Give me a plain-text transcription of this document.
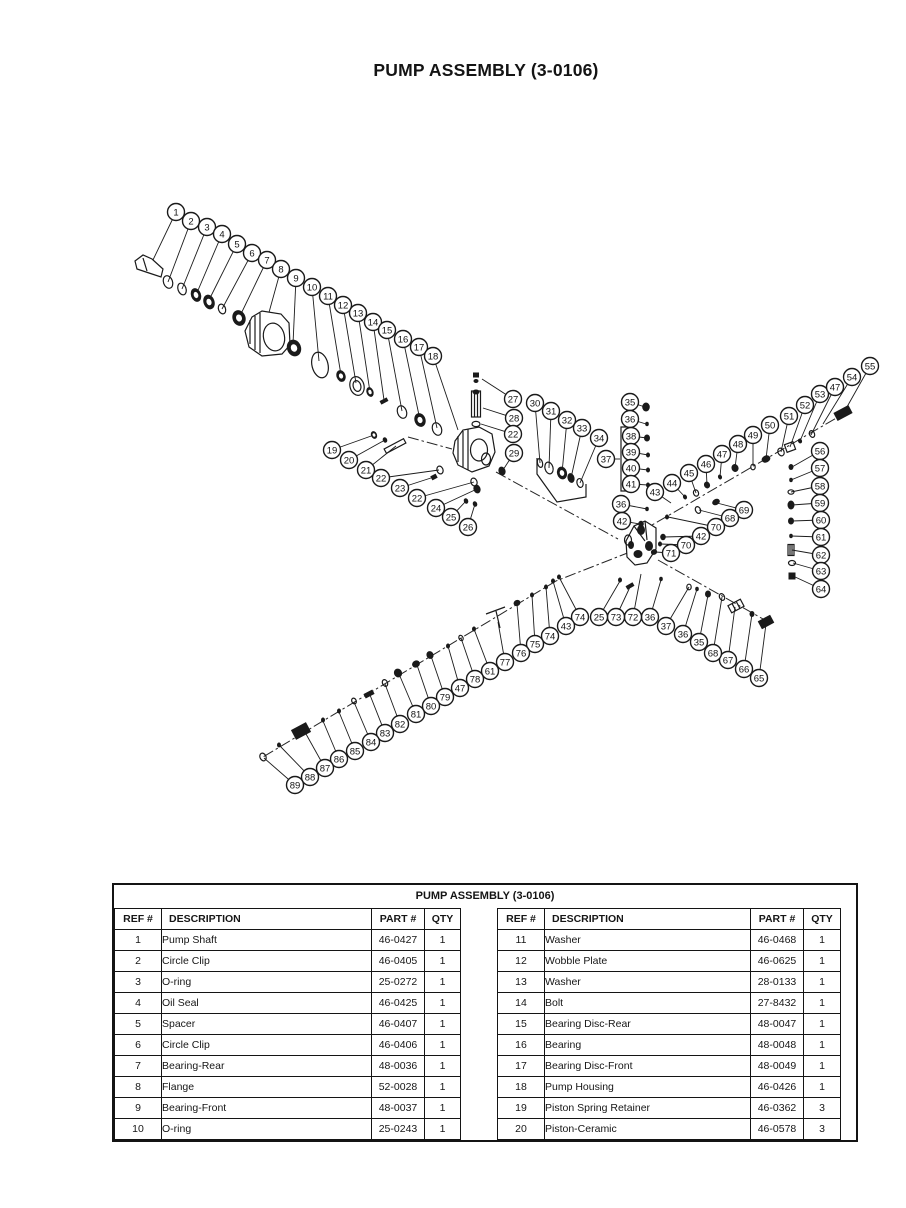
PUMP ASSEMBLY (3-0106)
1
2
3
4
5
6
7
8
9
10
11
12
13
14
15
16
17
18
19
20
21
22
23
22
24
25
26
27
28
22
29
30
31
32
33
34
37
35
36
38
39
40
41
43
36
42
44
45
46
47
48
49
50
51
52
53
47
54
55
56
57
58
59
60
61
62
63
64
69
68
70
42
70
71
65
66
67
68
35
36
37
36
72
73
25
74
43
74
75
76
77
61
78
47
79
80
81
82
83
84
85
86
87
88
89
PUMP ASSEMBLY (3-0106)
REF #	DESCRIPTION	PART #	QTY
1	Pump Shaft	46-0427	1
2	Circle Clip	46-0405	1
3	O-ring	25-0272	1
4	Oil Seal	46-0425	1
5	Spacer	46-0407	1
6	Circle Clip	46-0406	1
7	Bearing-Rear	48-0036	1
8	Flange	52-0028	1
9	Bearing-Front	48-0037	1
10	O-ring	25-0243	1
REF #	DESCRIPTION	PART #	QTY
11	Washer	46-0468	1
12	Wobble Plate	46-0625	1
13	Washer	28-0133	1
14	Bolt	27-8432	1
15	Bearing Disc-Rear	48-0047	1
16	Bearing	48-0048	1
17	Bearing Disc-Front	48-0049	1
18	Pump Housing	46-0426	1
19	Piston Spring Retainer	46-0362	3
20	Piston-Ceramic	46-0578	3
